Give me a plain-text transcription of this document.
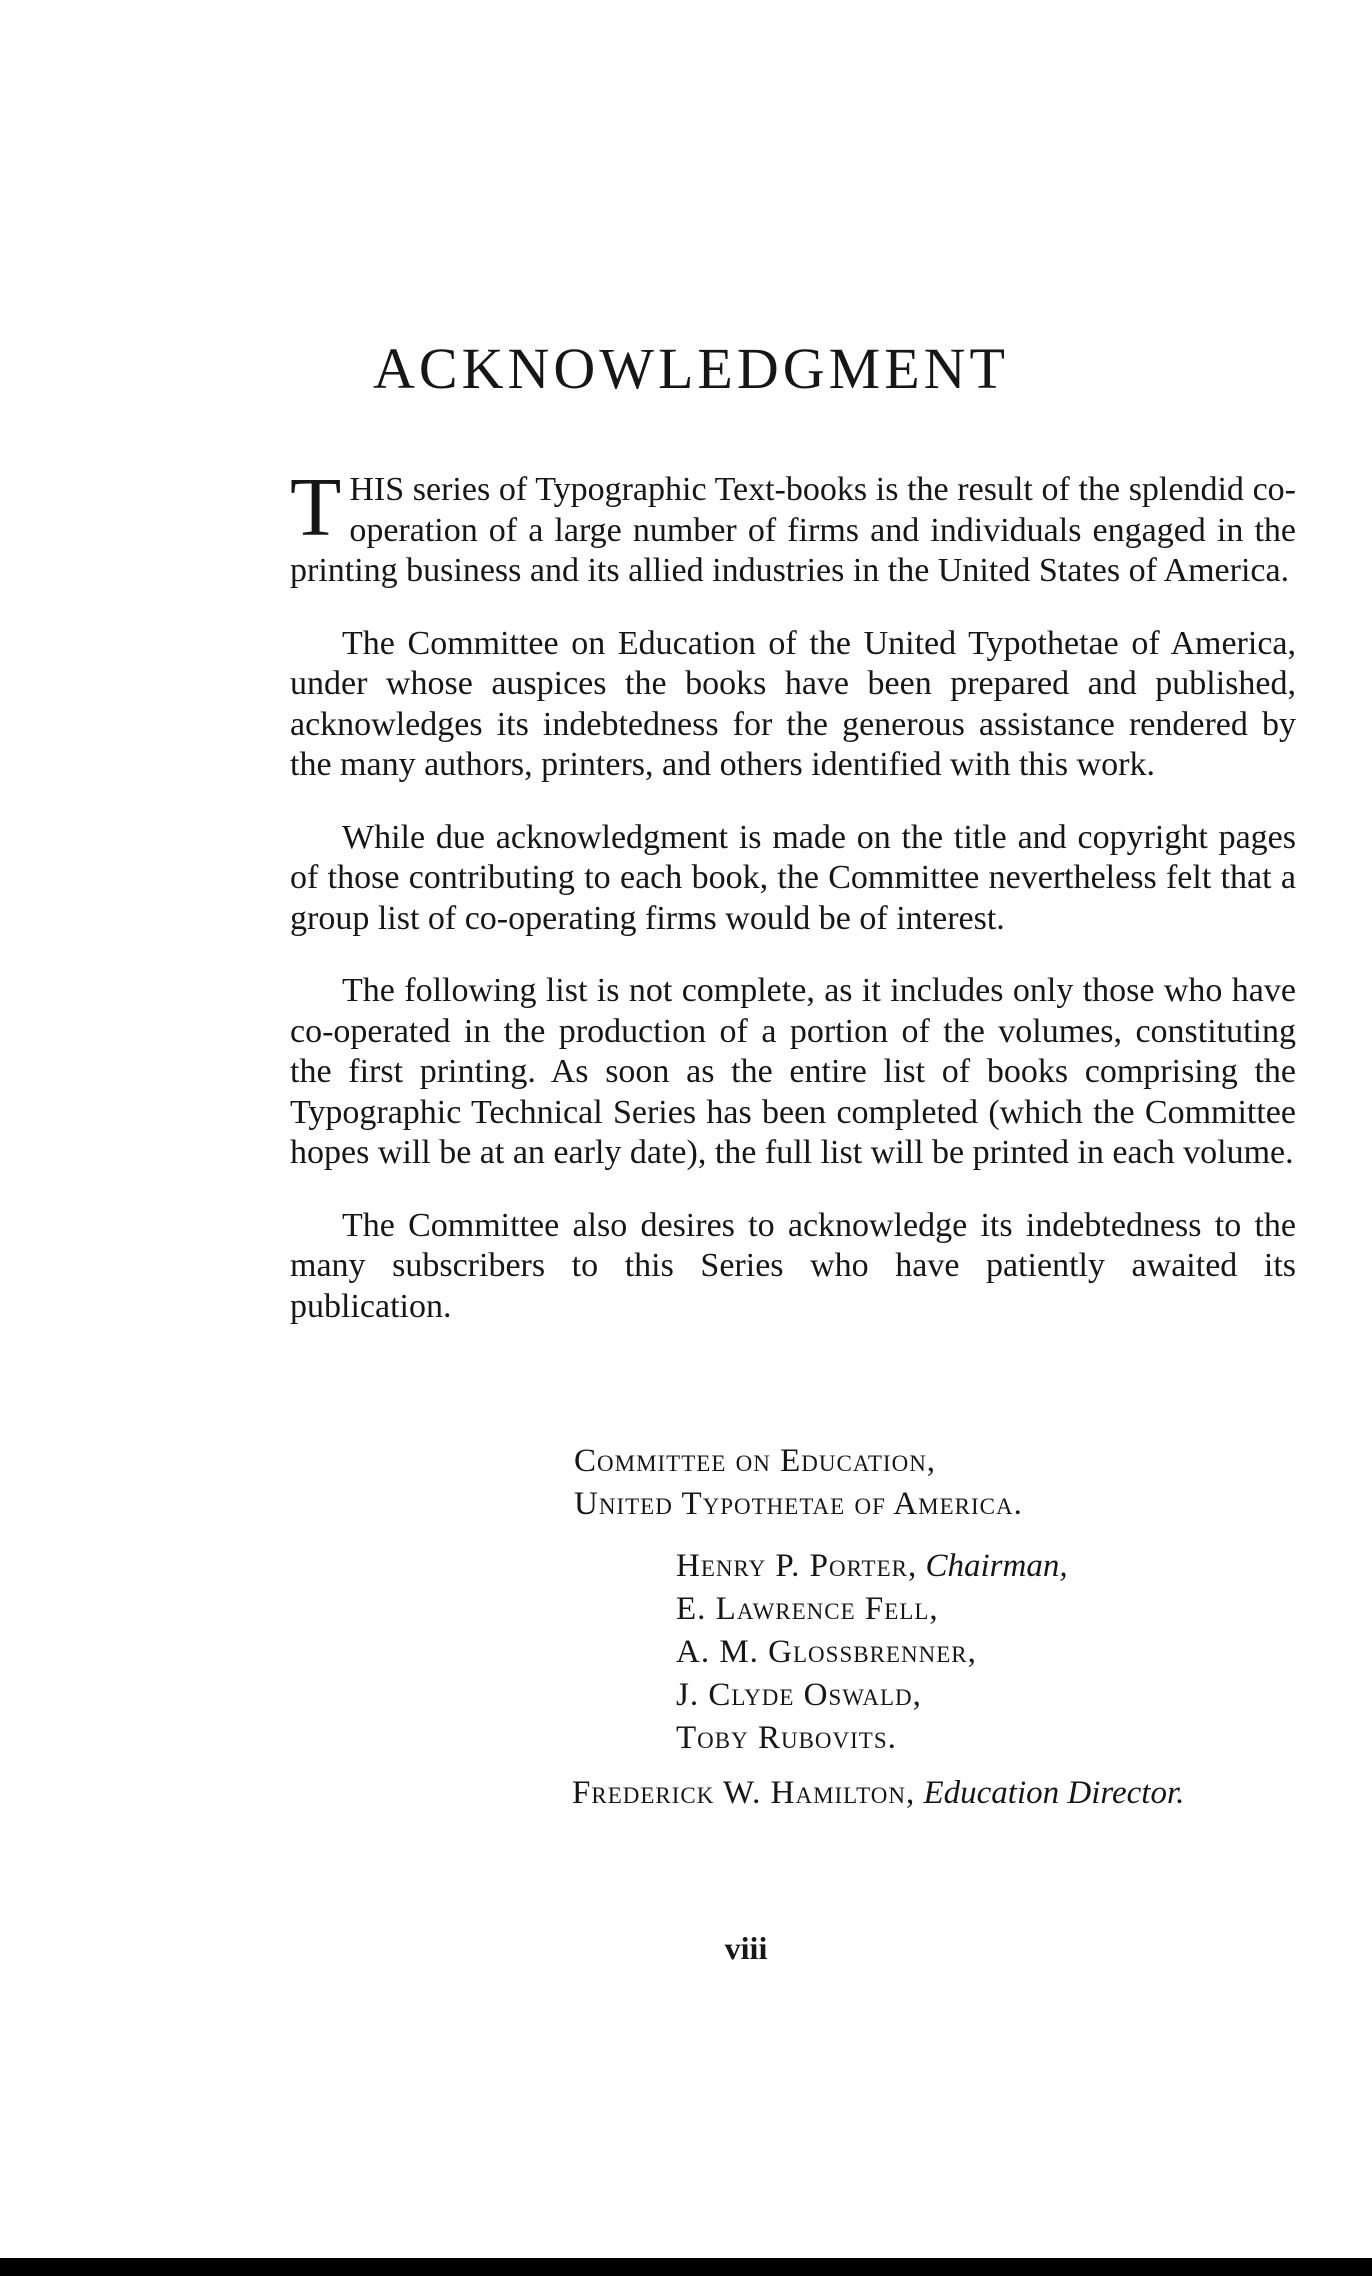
ACKNOWLEDGMENT

THIS series of Typographic Text-books is the result of the splendid co-operation of a large number of firms and individuals engaged in the printing business and its allied industries in the United States of America.

The Committee on Education of the United Typothetae of America, under whose auspices the books have been prepared and published, acknowledges its indebtedness for the generous assistance rendered by the many authors, printers, and others identified with this work.

While due acknowledgment is made on the title and copyright pages of those contributing to each book, the Committee nevertheless felt that a group list of co-operating firms would be of interest.

The following list is not complete, as it includes only those who have co-operated in the production of a portion of the volumes, constituting the first printing. As soon as the entire list of books comprising the Typographic Technical Series has been completed (which the Committee hopes will be at an early date), the full list will be printed in each volume.

The Committee also desires to acknowledge its indebtedness to the many subscribers to this Series who have patiently awaited its publication.

Committee on Education,
United Typothetae of America.
Henry P. Porter, Chairman,
E. Lawrence Fell,
A. M. Glossbrenner,
J. Clyde Oswald,
Toby Rubovits.
Frederick W. Hamilton, Education Director.
viii
